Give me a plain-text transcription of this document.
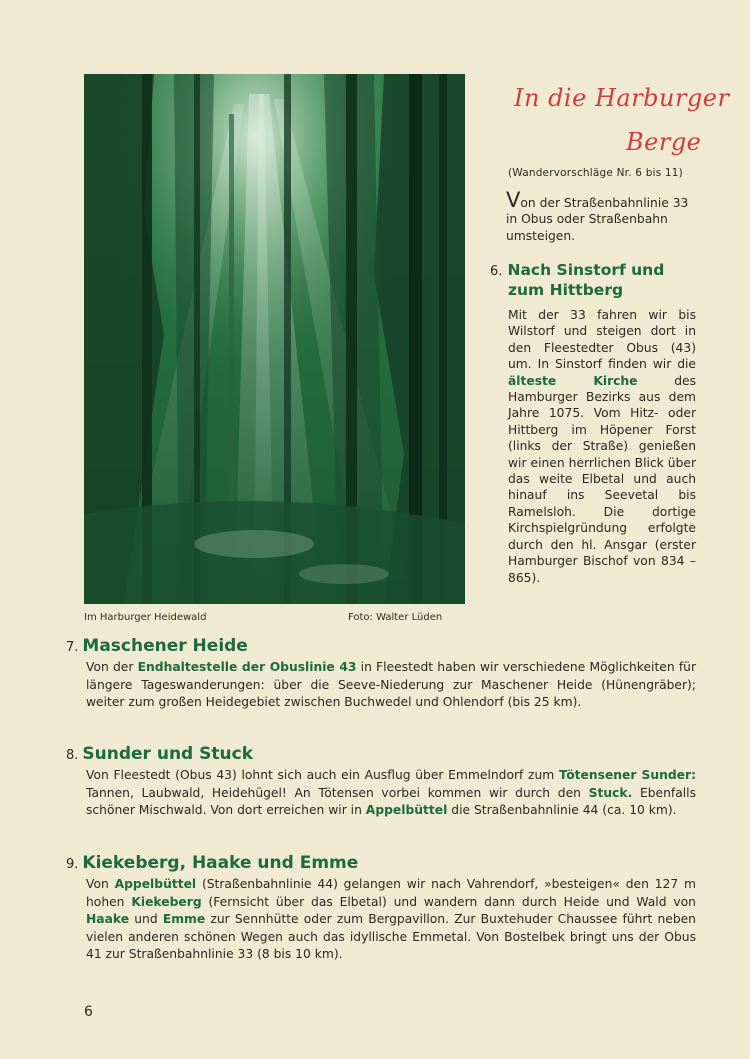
Im Harburger Heidewald	Foto: Walter Lüden
In die Harburger
Berge
(Wandervorschläge Nr. 6 bis 11)
Von der Straßenbahnlinie 33 in Obus oder Straßenbahn umsteigen.
6. Nach Sinstorf und
zum Hittberg
Mit der 33 fahren wir bis Wilstorf und steigen dort in den Fleestedter Obus (43) um. In Sinstorf finden wir die älteste Kirche	des Hamburger Bezirks aus dem Jahre 1075. Vom Hitz- oder Hittberg im Höpener Forst (links der Straße) genießen wir einen herrlichen Blick über das weite Elbetal und auch hinauf ins Seevetal bis Ramelsloh. Die dortige Kirchspielgründung erfolgte durch den hl. Ansgar (erster Hamburger Bischof von 834 – 865).
7. Maschener Heide
Von der Endhaltestelle der Obuslinie 43 in Fleestedt haben wir verschiedene Möglichkeiten für längere Tageswanderungen: über die Seeve-Niederung zur Maschener Heide (Hünengräber); weiter zum großen Heidegebiet zwischen Buchwedel und Ohlendorf (bis 25 km).
8. Sunder und Stuck
Von Fleestedt (Obus 43) lohnt sich auch ein Ausflug über Emmelndorf zum Tötensener Sunder: Tannen, Laubwald, Heidehügel! An Tötensen vorbei kommen wir durch den Stuck. Ebenfalls schöner Mischwald. Von dort erreichen wir in Appelbüttel die Straßenbahnlinie 44 (ca. 10 km).
9. Kiekeberg, Haake und Emme
Von Appelbüttel (Straßenbahnlinie 44) gelangen wir nach Vahrendorf, »besteigen« den 127 m hohen Kiekeberg (Fernsicht über das Elbetal) und wandern dann durch Heide und Wald von Haake und Emme zur Sennhütte oder zum Bergpavillon. Zur Buxtehuder Chaussee führt neben vielen anderen schönen Wegen auch das idyllische Emmetal. Von Bostelbek bringt uns der Obus 41 zur Straßenbahnlinie 33 (8 bis 10 km).
6
